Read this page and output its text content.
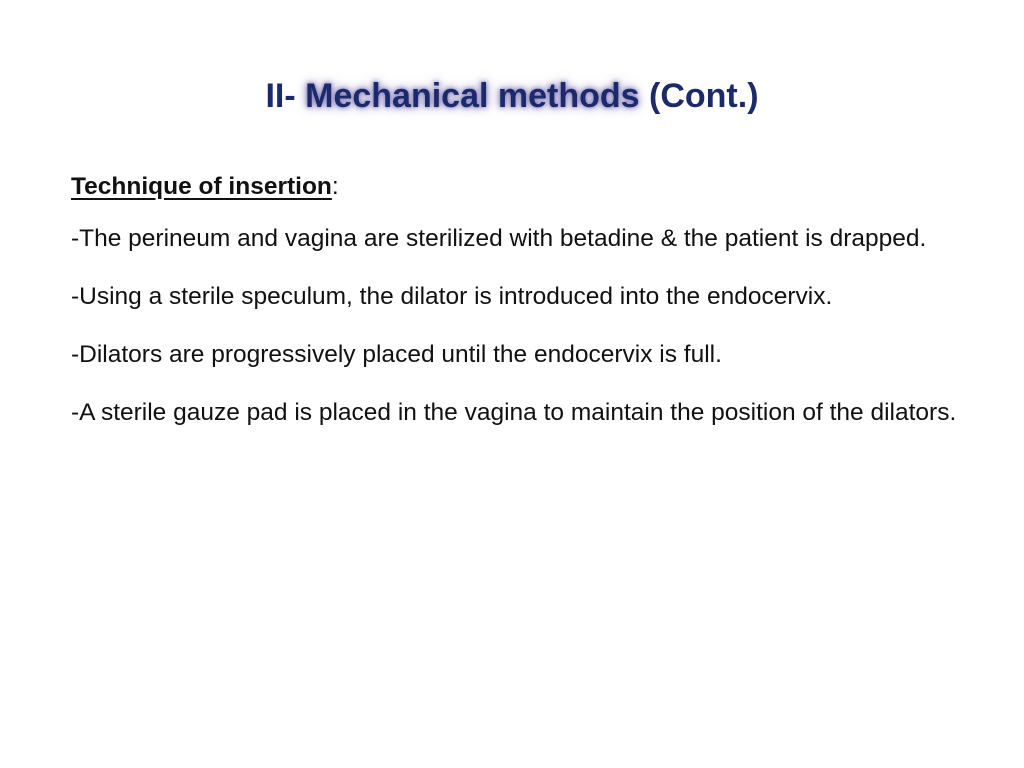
II- Mechanical methods (Cont.)
Technique of insertion:
-The perineum and vagina are sterilized with betadine & the patient is drapped.
-Using a sterile speculum, the dilator is introduced into the endocervix.
-Dilators are progressively placed until the endocervix is full.
-A sterile gauze pad is placed in the vagina to maintain the position of the dilators.
